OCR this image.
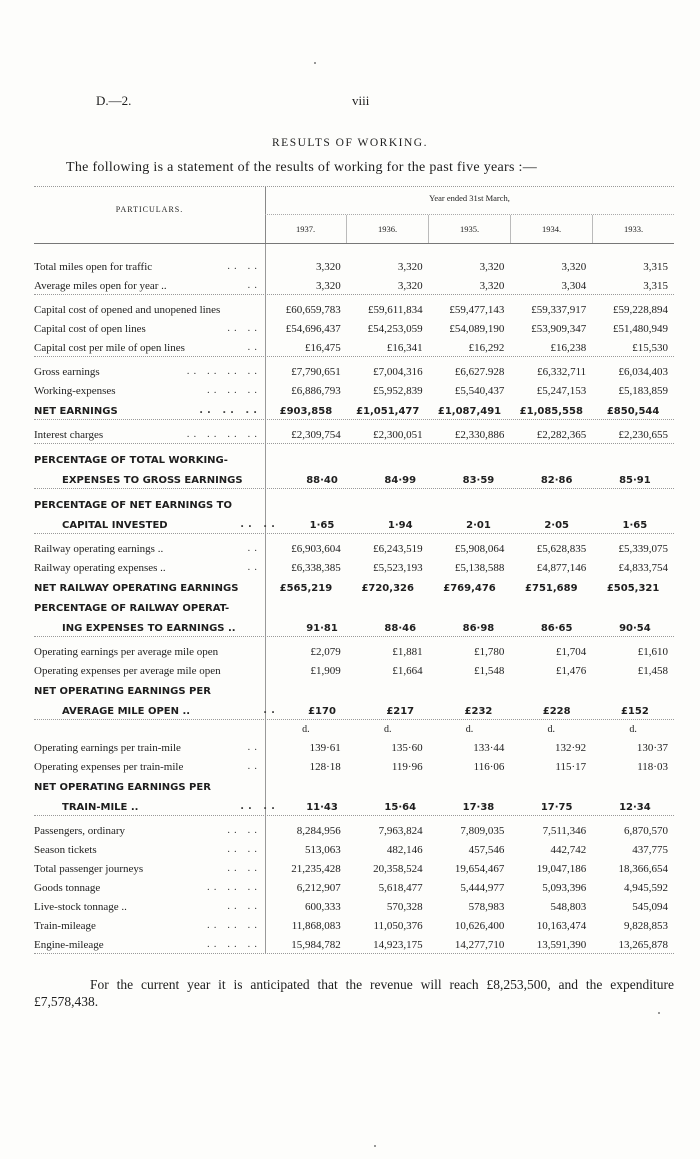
D.—2.	viii
RESULTS OF WORKING.
The following is a statement of the results of working for the past five years :—
PARTICULARS.
Year ended 31st March,
1937.	1936.	1935.	1934.	1933.
Total miles open for traffic	.. ..	3,320	3,320	3,320	3,320	3,315
Average miles open for year ..	..	3,320	3,320	3,320	3,304	3,315
Capital cost of opened and unopened lines	£60,659,783	£59,611,834	£59,477,143	£59,337,917	£59,228,894
Capital cost of open lines	.. ..	£54,696,437	£54,253,059	£54,089,190	£53,909,347	£51,480,949
Capital cost per mile of open lines	..	£16,475	£16,341	£16,292	£16,238	£15,530
Gross earnings	.. .. .. ..	£7,790,651	£7,004,316	£6,627.928	£6,332,711	£6,034,403
Working-expenses	.. .. ..	£6,886,793	£5,952,839	£5,540,437	£5,247,153	£5,183,859
NET EARNINGS	.. .. ..	£903,858	£1,051,477	£1,087,491	£1,085,558	£850,544
Interest charges	.. .. .. ..	£2,309,754	£2,300,051	£2,330,886	£2,282,365	£2,230,655
PERCENTAGE OF TOTAL WORKING-
EXPENSES TO GROSS EARNINGS	88·40	84·99	83·59	82·86	85·91
PERCENTAGE OF NET EARNINGS TO
CAPITAL INVESTED	.. ..	1·65	1·94	2·01	2·05	1·65
Railway operating earnings ..	..	£6,903,604	£6,243,519	£5,908,064	£5,628,835	£5,339,075
Railway operating expenses ..	..	£6,338,385	£5,523,193	£5,138,588	£4,877,146	£4,833,754
NET RAILWAY OPERATING EARNINGS	£565,219	£720,326	£769,476	£751,689	£505,321
PERCENTAGE OF RAILWAY OPERAT-
ING EXPENSES TO EARNINGS ..	91·81	88·46	86·98	86·65	90·54
Operating earnings per average mile open	£2,079	£1,881	£1,780	£1,704	£1,610
Operating expenses per average mile open	£1,909	£1,664	£1,548	£1,476	£1,458
NET OPERATING EARNINGS PER
AVERAGE MILE OPEN ..	..	£170	£217	£232	£228	£152
d.	d.	d.	d.	d.
Operating earnings per train-mile	..	139·61	135·60	133·44	132·92	130·37
Operating expenses per train-mile	..	128·18	119·96	116·06	115·17	118·03
NET OPERATING EARNINGS PER
TRAIN-MILE ..	.. ..	11·43	15·64	17·38	17·75	12·34
Passengers, ordinary	.. ..	8,284,956	7,963,824	7,809,035	7,511,346	6,870,570
Season tickets	.. ..	513,063	482,146	457,546	442,742	437,775
Total passenger journeys	.. ..	21,235,428	20,358,524	19,654,467	19,047,186	18,366,654
Goods tonnage	.. .. ..	6,212,907	5,618,477	5,444,977	5,093,396	4,945,592
Live-stock tonnage ..	.. ..	600,333	570,328	578,983	548,803	545,094
Train-mileage	.. .. ..	11,868,083	11,050,376	10,626,400	10,163,474	9,828,853
Engine-mileage	.. .. ..	15,984,782	14,923,175	14,277,710	13,591,390	13,265,878
For the current year it is anticipated that the revenue will reach £8,253,500, and the expenditure £7,578,438.
